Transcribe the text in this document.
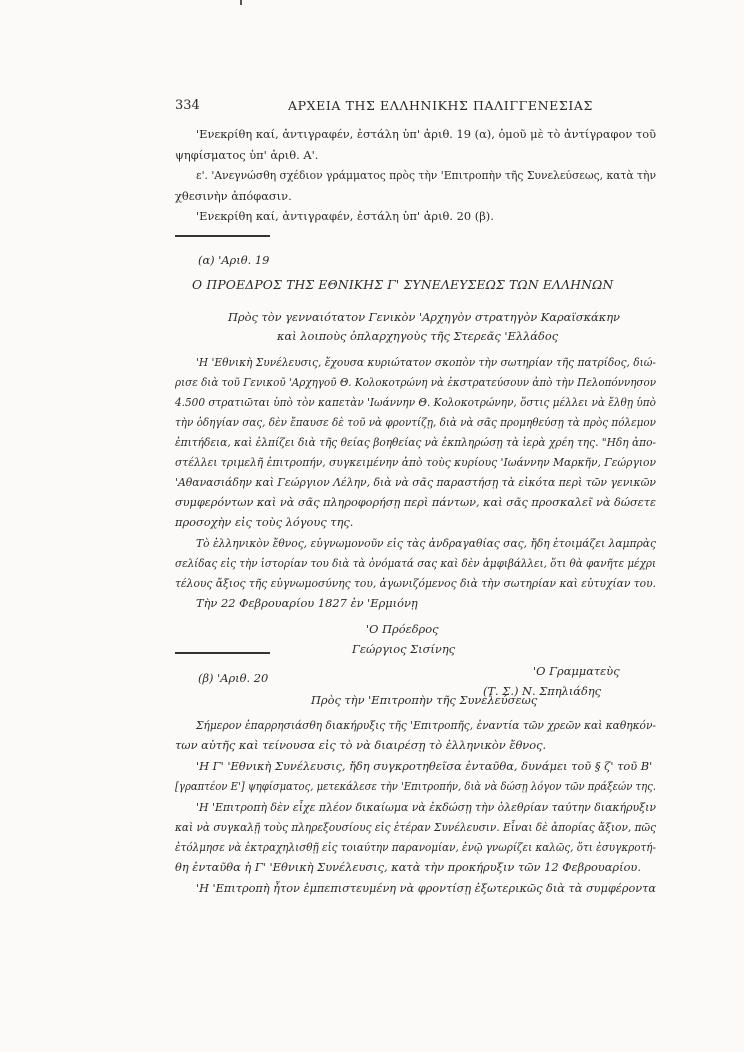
334	ΑΡΧΕΙΑ ΤΗΣ ΕΛΛΗΝΙΚΗΣ ΠΑΛΙΓΓΕΝΕΣΙΑΣ
'Ενεκρίθη καί, ἀντιγραφέν, ἐστάλη ὑπ' ἀριθ. 19 (α), ὁμοῦ μὲ τὸ ἀντίγραφον τοῦ
ψηφίσματος ὑπ' ἀριθ. Α'.
ε'. 'Ανεγνώσθη σχέδιον γράμματος πρὸς τὴν 'Επιτροπὴν τῆς Συνελεύσεως, κατὰ τὴν
χθεσινὴν ἀπόφασιν.
'Ενεκρίθη καί, ἀντιγραφέν, ἐστάλη ὑπ' ἀριθ. 20 (β).
(α) 'Αριθ. 19
Ο ΠΡΟΕΔΡΟΣ ΤΗΣ ΕΘΝΙΚΗΣ Γ' ΣΥΝΕΛΕΥΣΕΩΣ ΤΩΝ ΕΛΛΗΝΩΝ
Πρὸς τὸν γενναιότατον Γενικὸν 'Αρχηγὸν στρατηγὸν Καραϊσκάκην
καὶ λοιποὺς ὁπλαρχηγοὺς τῆς Στερεᾶς 'Ελλάδος
'Η 'Εθνικὴ Συνέλευσις, ἔχουσα κυριώτατον σκοπὸν τὴν σωτηρίαν τῆς πατρίδος, διώ-
ρισε διὰ τοῦ Γενικοῦ 'Αρχηγοῦ Θ. Κολοκοτρώνη νὰ ἐκστρατεύσουν ἀπὸ τὴν Πελοπόννησον
4.500 στρατιῶται ὑπὸ τὸν καπετὰν 'Ιωάννην Θ. Κολοκοτρώνην, ὅστις μέλλει νὰ ἔλθῃ ὑπὸ
τὴν ὁδηγίαν σας, δὲν ἔπαυσε δὲ τοῦ νὰ φροντίζῃ, διὰ νὰ σᾶς προμηθεύσῃ τὰ πρὸς πόλεμον
ἐπιτήδεια, καὶ ἐλπίζει διὰ τῆς θείας βοηθείας νὰ ἐκπληρώσῃ τὰ ἱερὰ χρέη της. "Ηδη ἀπο-
στέλλει τριμελῆ ἐπιτροπήν, συγκειμένην ἀπὸ τοὺς κυρίους 'Ιωάννην Μαρκῆν, Γεώργιον
'Αθανασιάδην καὶ Γεώργιον Λέλην, διὰ νὰ σᾶς παραστήσῃ τὰ εἰκότα περὶ τῶν γενικῶν
συμφερόντων καὶ νὰ σᾶς πληροφορήσῃ περὶ πάντων, καὶ σᾶς προσκαλεῖ νὰ δώσετε
προσοχὴν εἰς τοὺς λόγους της.
Τὸ ἑλληνικὸν ἔθνος, εὐγνωμονοῦν εἰς τὰς ἀνδραγαθίας σας, ἤδη ἑτοιμάζει λαμπρὰς
σελίδας εἰς τὴν ἱστορίαν του διὰ τὰ ὀνόματά σας καὶ δὲν ἀμφιβάλλει, ὅτι θὰ φανῆτε μέχρι
τέλους ἄξιος τῆς εὐγνωμοσύνης του, ἀγωνιζόμενος διὰ τὴν σωτηρίαν καὶ εὐτυχίαν του.
Τὴν 22 Φεβρουαρίου 1827 ἐν 'Ερμιόνῃ
'Ο Πρόεδρος
Γεώργιος Σισίνης
'Ο Γραμματεὺς
(Τ. Σ.) Ν. Σπηλιάδης
(β) 'Αριθ. 20
Πρὸς τὴν 'Επιτροπὴν τῆς Συνελεύσεως
Σήμερον ἐπαρρησιάσθη διακήρυξις τῆς 'Επιτροπῆς, ἐναντία τῶν χρεῶν καὶ καθηκόν-
των αὐτῆς καὶ τείνουσα εἰς τὸ νὰ διαιρέσῃ τὸ ἑλληνικὸν ἔθνος.
'Η Γ' 'Εθνικὴ Συνέλευσις, ἤδη συγκροτηθεῖσα ἐνταῦθα, δυνάμει τοῦ § ζ' τοῦ Β'
[γραπτέον Ε'] ψηφίσματος, μετεκάλεσε τὴν 'Επιτροπήν, διὰ νὰ δώσῃ λόγον τῶν πράξεών της.
'Η 'Επιτροπὴ δὲν εἶχε πλέον δικαίωμα νὰ ἐκδώσῃ τὴν ὀλεθρίαν ταύτην διακήρυξιν
καὶ νὰ συγκαλῇ τοὺς πληρεξουσίους εἰς ἑτέραν Συνέλευσιν. Εἶναι δὲ ἀπορίας ἄξιον, πῶς
ἐτόλμησε νὰ ἐκτραχηλισθῇ εἰς τοιαύτην παρανομίαν, ἐνῷ γνωρίζει καλῶς, ὅτι ἐσυγκροτή-
θη ἐνταῦθα ἡ Γ' 'Εθνικὴ Συνέλευσις, κατὰ τὴν προκήρυξιν τῶν 12 Φεβρουαρίου.
'Η 'Επιτροπὴ ἦτον ἐμπεπιστευμένη νὰ φροντίσῃ ἐξωτερικῶς διὰ τὰ συμφέροντα
